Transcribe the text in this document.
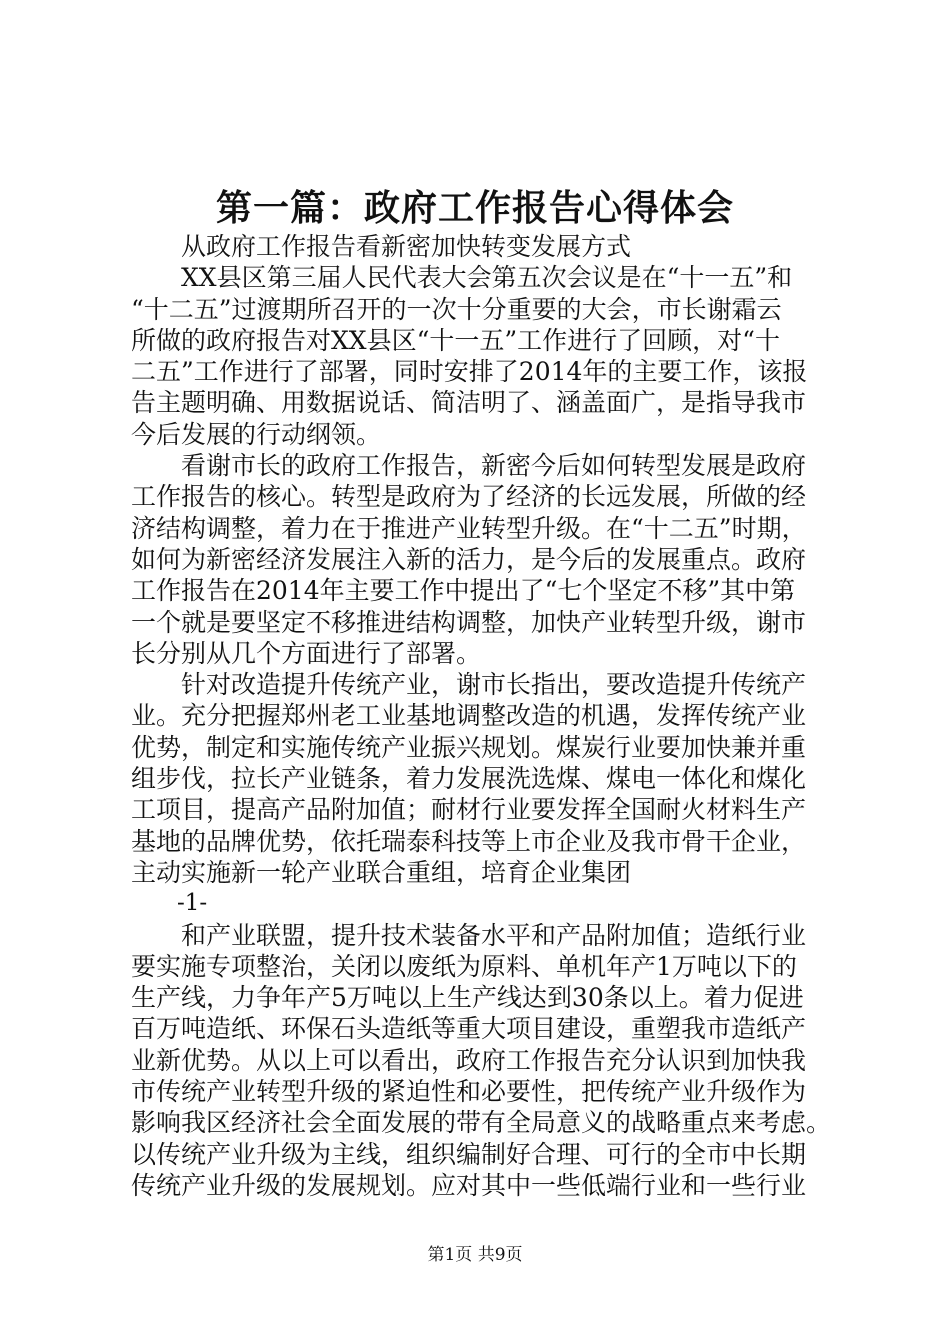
第一篇：政府工作报告心得体会
从政府工作报告看新密加快转变发展方式
XX县区第三届人民代表大会第五次会议是在“十一五”和
“十二五”过渡期所召开的一次十分重要的大会，市长谢霜云
所做的政府报告对XX县区“十一五”工作进行了回顾，对“十
二五”工作进行了部署，同时安排了2014年的主要工作，该报
告主题明确、用数据说话、简洁明了、涵盖面广，是指导我市
今后发展的行动纲领。
看谢市长的政府工作报告，新密今后如何转型发展是政府
工作报告的核心。转型是政府为了经济的长远发展，所做的经
济结构调整，着力在于推进产业转型升级。在“十二五”时期，
如何为新密经济发展注入新的活力，是今后的发展重点。政府
工作报告在2014年主要工作中提出了“七个坚定不移”其中第
一个就是要坚定不移推进结构调整，加快产业转型升级，谢市
长分别从几个方面进行了部署。
针对改造提升传统产业，谢市长指出，要改造提升传统产
业。充分把握郑州老工业基地调整改造的机遇，发挥传统产业
优势，制定和实施传统产业振兴规划。煤炭行业要加快兼并重
组步伐，拉长产业链条，着力发展洗选煤、煤电一体化和煤化
工项目，提高产品附加值；耐材行业要发挥全国耐火材料生产
基地的品牌优势，依托瑞泰科技等上市企业及我市骨干企业，
主动实施新一轮产业联合重组，培育企业集团
-1-
和产业联盟，提升技术装备水平和产品附加值；造纸行业
要实施专项整治，关闭以废纸为原料、单机年产1万吨以下的
生产线，力争年产5万吨以上生产线达到30条以上。着力促进
百万吨造纸、环保石头造纸等重大项目建设，重塑我市造纸产
业新优势。从以上可以看出，政府工作报告充分认识到加快我
市传统产业转型升级的紧迫性和必要性，把传统产业升级作为
影响我区经济社会全面发展的带有全局意义的战略重点来考虑。
以传统产业升级为主线，组织编制好合理、可行的全市中长期
传统产业升级的发展规划。应对其中一些低端行业和一些行业
第1页 共9页
